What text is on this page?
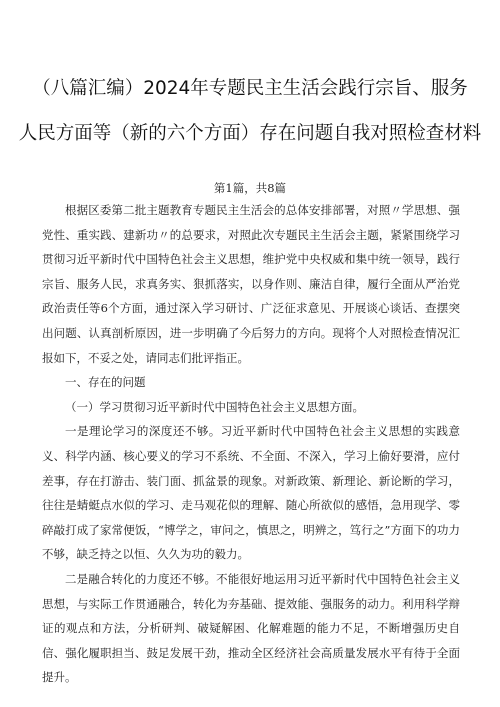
（八篇汇编）2024年专题民主生活会践行宗旨、服务
人民方面等（新的六个方面）存在问题自我对照检查材料
第1篇，共8篇

根据区委第二批主题教育专题民主生活会的总体安排部署，对照〃学思想、强党性、重实践、建新功〃的总要求，对照此次专题民主生活会主题，紧紧围绕学习贯彻习近平新时代中国特色社会主义思想，维护党中央权威和集中统一领导，践行宗旨、服务人民，求真务实、狠抓落实，以身作则、廉洁自律，履行全面从严治党政治责任等6个方面，通过深入学习研讨、广泛征求意见、开展谈心谈话、查摆突出问题、认真剖析原因，进一步明确了今后努力的方向。现将个人对照检查情况汇报如下，不妥之处，请同志们批评指正。

一、存在的问题

（一）学习贯彻习近平新时代中国特色社会主义思想方面。

一是理论学习的深度还不够。习近平新时代中国特色社会主义思想的实践意义、科学内涵、核心要义的学习不系统、不全面、不深入，学习上偷好要滑，应付差事，存在打游击、装门面、抓盆景的现象。对新政策、新理论、新论断的学习，往往是蜻蜓点水似的学习、走马观花似的理解、随心所欲似的感悟，急用现学、零碎敲打成了家常便饭，“博学之，审问之，慎思之，明辨之，笃行之”方面下的功力不够，缺乏持之以恒、久久为功的毅力。

二是融合转化的力度还不够。不能很好地运用习近平新时代中国特色社会主义思想，与实际工作贯通融合，转化为夯基础、提效能、强服务的动力。利用科学辩证的观点和方法，分析研判、破疑解困、化解难题的能力不足，不断增强历史自信、强化履职担当、鼓足发展干劲，推动全区经济社会高质量发展水平有待于全面提升。
